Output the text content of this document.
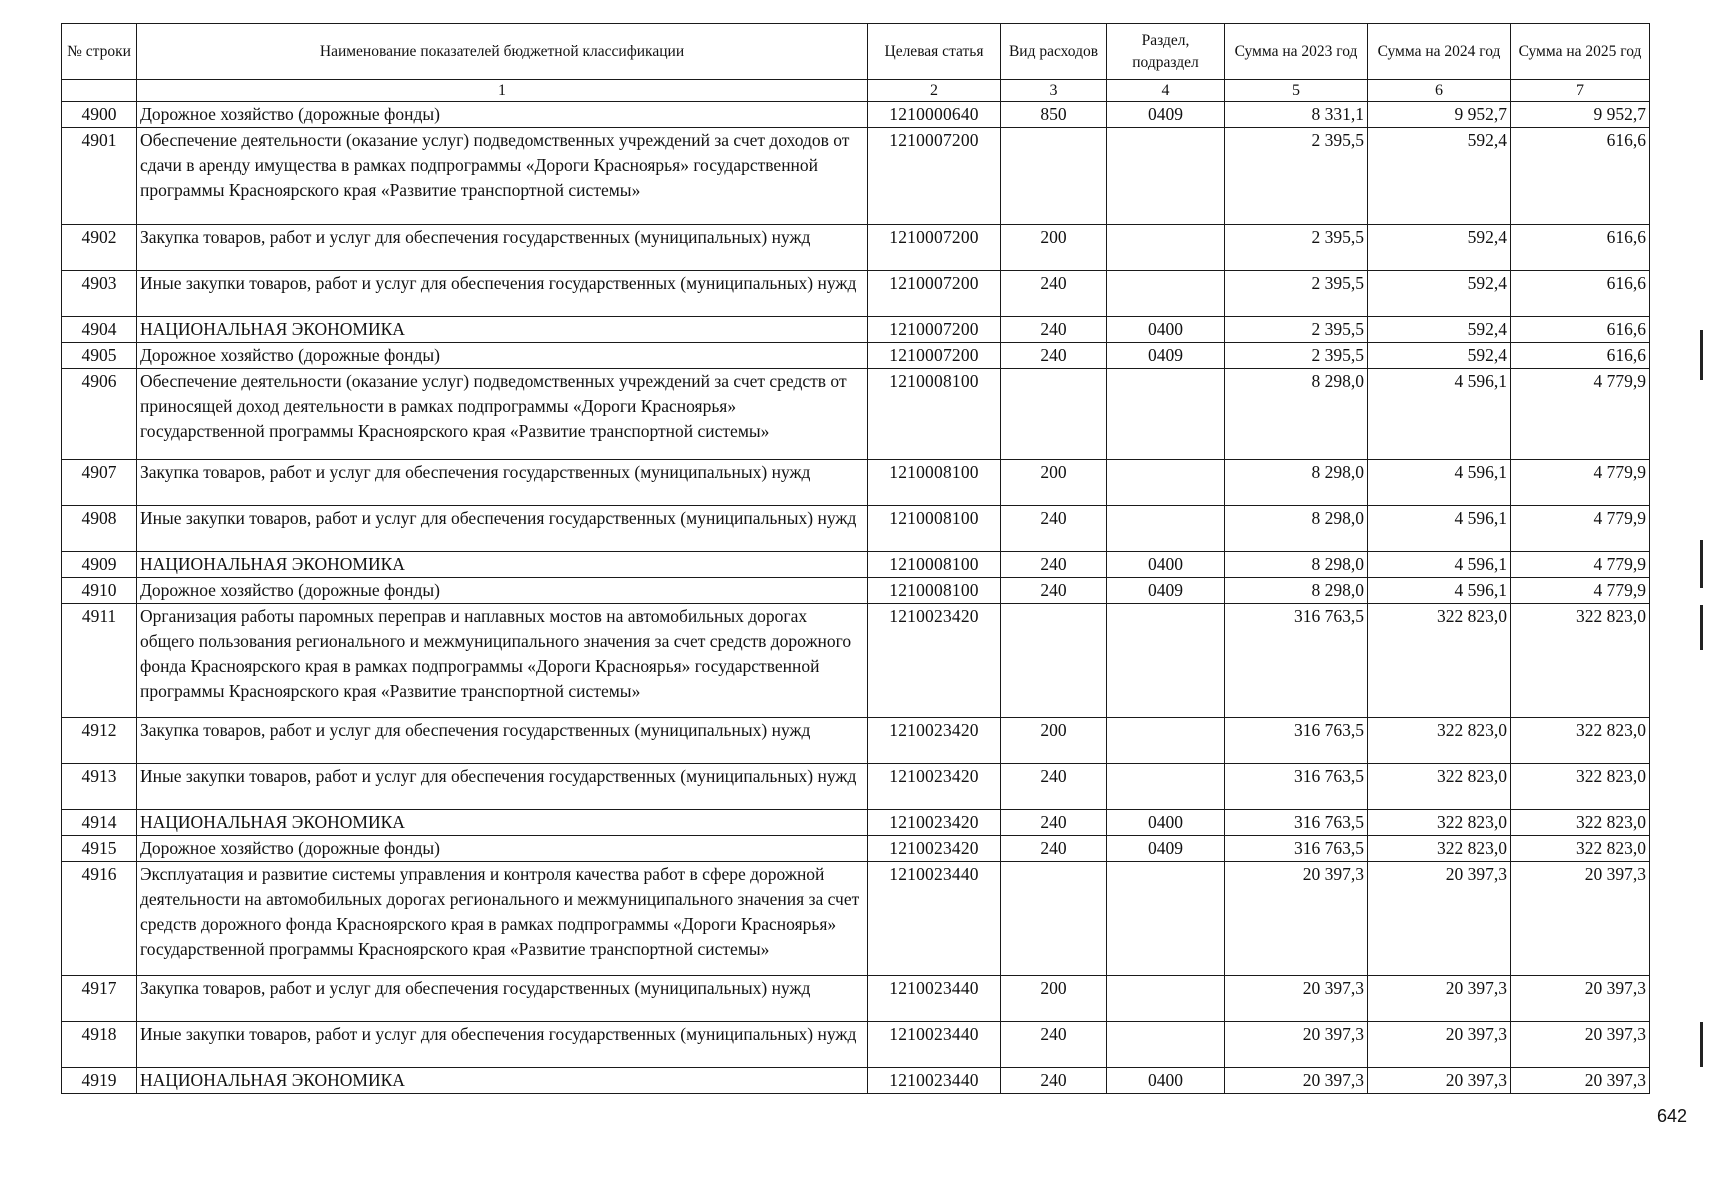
№ строки	Наименование показателей бюджетной классификации	Целевая статья	Вид расходов	Раздел, подраздел	Сумма на 2023 год	Сумма на 2024 год	Сумма на 2025 год
	1	2	3	4	5	6	7
4900	Дорожное хозяйство (дорожные фонды)	1210000640	850	0409	8 331,1	9 952,7	9 952,7
4901	Обеспечение деятельности (оказание услуг) подведомственных учреждений за счет доходов от сдачи в аренду имущества в рамках подпрограммы «Дороги Красноярья» государственной программы Красноярского края «Развитие транспортной системы»	1210007200			2 395,5	592,4	616,6
4902	Закупка товаров, работ и услуг для обеспечения государственных (муниципальных) нужд	1210007200	200		2 395,5	592,4	616,6
4903	Иные закупки товаров, работ и услуг для обеспечения государственных (муниципальных) нужд	1210007200	240		2 395,5	592,4	616,6
4904	НАЦИОНАЛЬНАЯ ЭКОНОМИКА	1210007200	240	0400	2 395,5	592,4	616,6
4905	Дорожное хозяйство (дорожные фонды)	1210007200	240	0409	2 395,5	592,4	616,6
4906	Обеспечение деятельности (оказание услуг) подведомственных учреждений за счет средств от приносящей доход деятельности в рамках подпрограммы «Дороги Красноярья» государственной программы Красноярского края «Развитие транспортной системы»	1210008100			8 298,0	4 596,1	4 779,9
4907	Закупка товаров, работ и услуг для обеспечения государственных (муниципальных) нужд	1210008100	200		8 298,0	4 596,1	4 779,9
4908	Иные закупки товаров, работ и услуг для обеспечения государственных (муниципальных) нужд	1210008100	240		8 298,0	4 596,1	4 779,9
4909	НАЦИОНАЛЬНАЯ ЭКОНОМИКА	1210008100	240	0400	8 298,0	4 596,1	4 779,9
4910	Дорожное хозяйство (дорожные фонды)	1210008100	240	0409	8 298,0	4 596,1	4 779,9
4911	Организация работы паромных переправ и наплавных мостов на автомобильных дорогах общего пользования регионального и межмуниципального значения за счет средств дорожного фонда Красноярского края в рамках подпрограммы «Дороги Красноярья» государственной программы Красноярского края «Развитие транспортной системы»	1210023420			316 763,5	322 823,0	322 823,0
4912	Закупка товаров, работ и услуг для обеспечения государственных (муниципальных) нужд	1210023420	200		316 763,5	322 823,0	322 823,0
4913	Иные закупки товаров, работ и услуг для обеспечения государственных (муниципальных) нужд	1210023420	240		316 763,5	322 823,0	322 823,0
4914	НАЦИОНАЛЬНАЯ ЭКОНОМИКА	1210023420	240	0400	316 763,5	322 823,0	322 823,0
4915	Дорожное хозяйство (дорожные фонды)	1210023420	240	0409	316 763,5	322 823,0	322 823,0
4916	Эксплуатация и развитие системы управления и контроля качества работ в сфере дорожной деятельности на автомобильных дорогах регионального и межмуниципального значения за счет средств дорожного фонда Красноярского края в рамках подпрограммы «Дороги Красноярья» государственной программы Красноярского края «Развитие транспортной системы»	1210023440			20 397,3	20 397,3	20 397,3
4917	Закупка товаров, работ и услуг для обеспечения государственных (муниципальных) нужд	1210023440	200		20 397,3	20 397,3	20 397,3
4918	Иные закупки товаров, работ и услуг для обеспечения государственных (муниципальных) нужд	1210023440	240		20 397,3	20 397,3	20 397,3
4919	НАЦИОНАЛЬНАЯ ЭКОНОМИКА	1210023440	240	0400	20 397,3	20 397,3	20 397,3
642
